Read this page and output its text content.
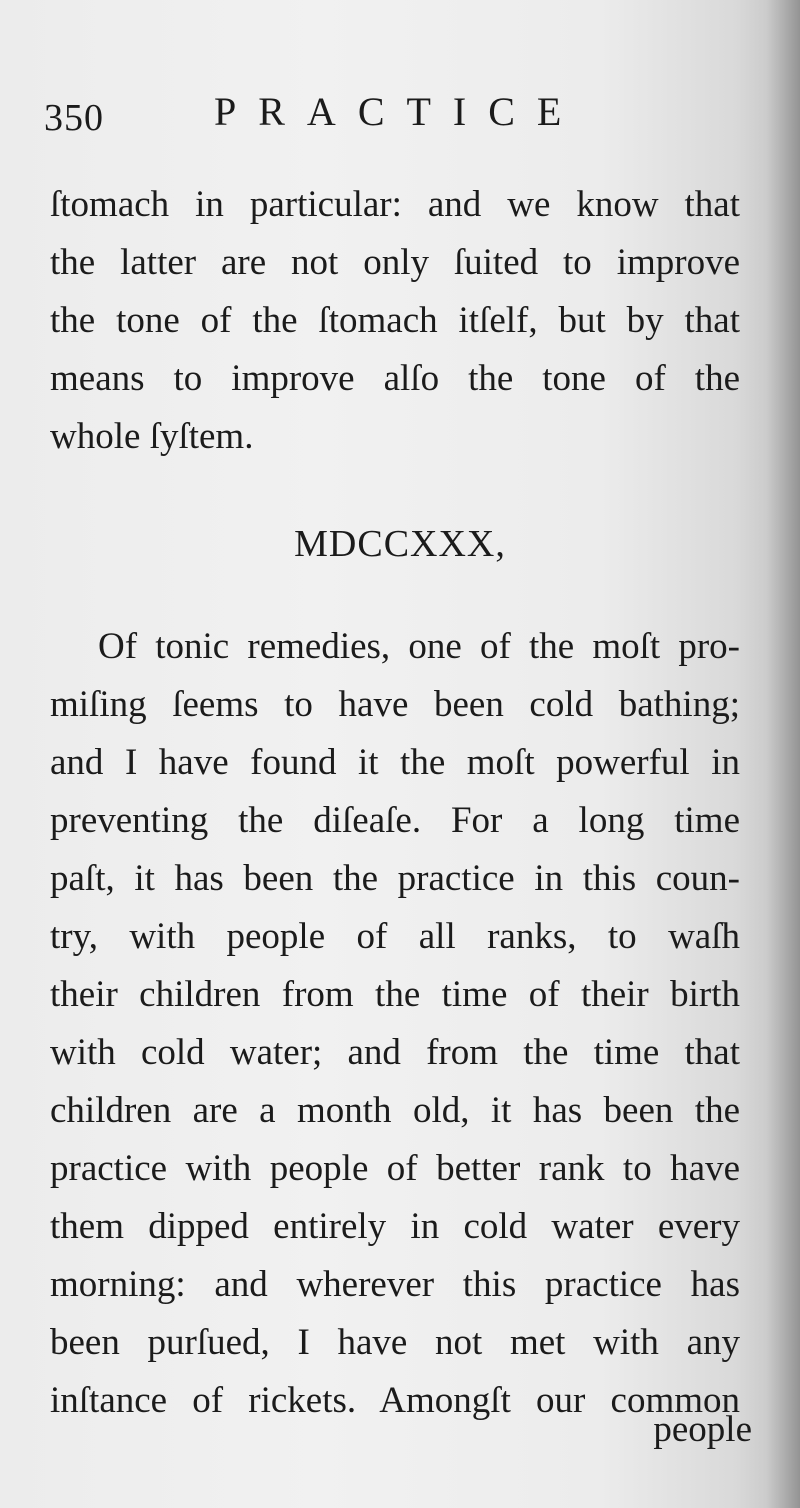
350	PRACTICE
ſtomach in particular: and we know that
the latter are not only ſuited to improve
the tone of the ſtomach itſelf, but by that
means to improve alſo the tone of the
whole ſyſtem.
MDCCXXX,
Of tonic remedies, one of the moſt pro-
miſing ſeems to have been cold bathing;
and I have found it the moſt powerful in
preventing the diſeaſe. For a long time
paſt, it has been the practice in this coun-
try, with people of all ranks, to waſh
their children from the time of their birth
with cold water; and from the time that
children are a month old, it has been the
practice with people of better rank to have
them dipped entirely in cold water every
morning: and wherever this practice has
been purſued, I have not met with any
inſtance of rickets. Amongſt our common
people
